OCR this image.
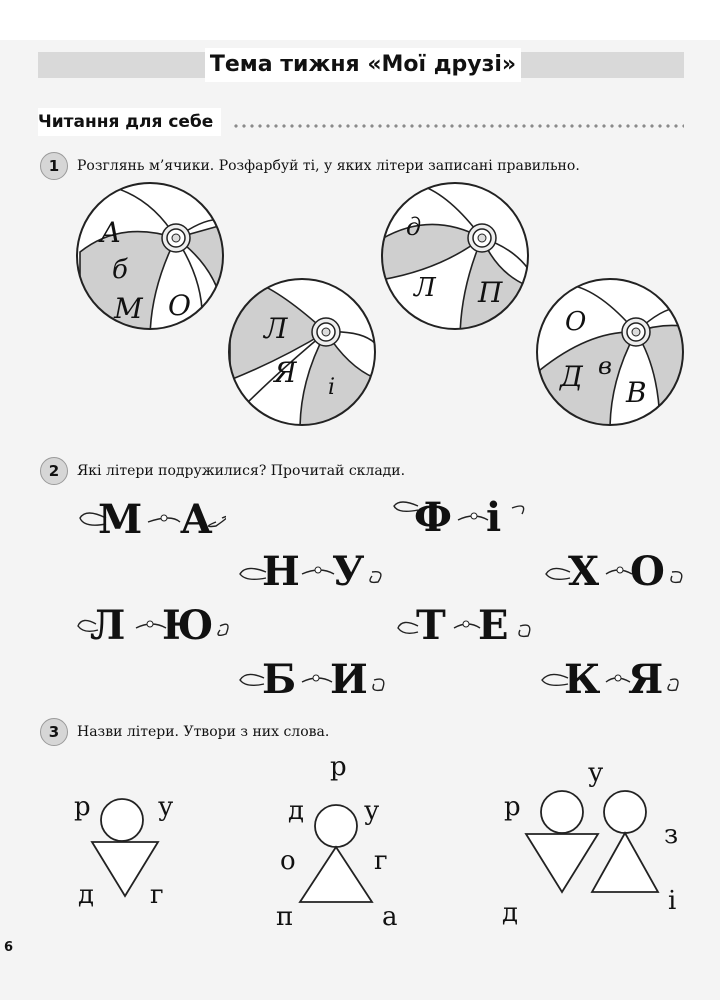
Тема тижня «Мої друзі»
Читання для себе
1	Розглянь м’ячики. Розфарбуй ті, у яких літери записані правильно.
А
б
М О
Л
Я і
д
Л П
О
в
Д В
2	Які літери подружилися? Прочитай склади.
М А	Ф і
Н У	Х О
Л Ю	Т Е
Б И	К Я
3	Назви літери. Утвори з них слова.
р	у
д г
р
д у
о	г
п	а
у
р
з
д	і
6
